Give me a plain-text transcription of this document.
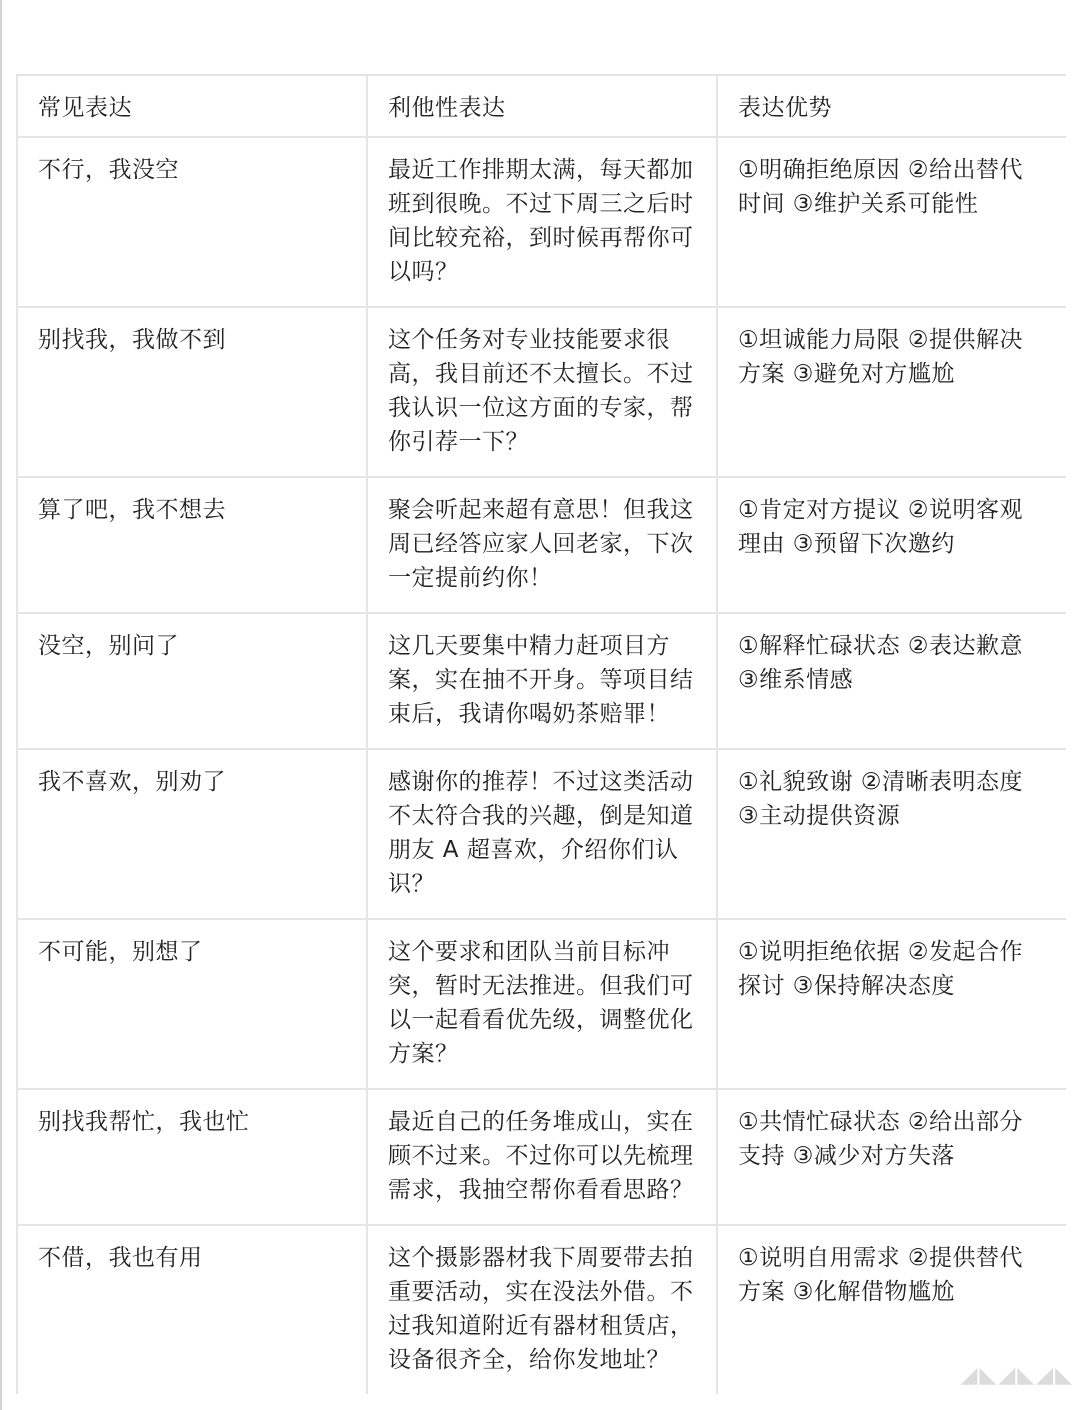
常见表达	利他性表达	表达优势
不行，我没空	最近工作排期太满，每天都加班到很晚。不过下周三之后时间比较充裕，到时候再帮你可以吗？	①明确拒绝原因 ②给出替代时间 ③维护关系可能性
别找我，我做不到	这个任务对专业技能要求很高，我目前还不太擅长。不过我认识一位这方面的专家，帮你引荐一下？	①坦诚能力局限 ②提供解决方案 ③避免对方尴尬
算了吧，我不想去	聚会听起来超有意思！但我这周已经答应家人回老家，下次一定提前约你！	①肯定对方提议 ②说明客观理由 ③预留下次邀约
没空，别问了	这几天要集中精力赶项目方案，实在抽不开身。等项目结束后，我请你喝奶茶赔罪！	①解释忙碌状态 ②表达歉意 ③维系情感
我不喜欢，别劝了	感谢你的推荐！不过这类活动不太符合我的兴趣，倒是知道朋友 A 超喜欢，介绍你们认识？	①礼貌致谢 ②清晰表明态度 ③主动提供资源
不可能，别想了	这个要求和团队当前目标冲突，暂时无法推进。但我们可以一起看看优先级，调整优化方案？	①说明拒绝依据 ②发起合作探讨 ③保持解决态度
别找我帮忙，我也忙	最近自己的任务堆成山，实在顾不过来。不过你可以先梳理需求，我抽空帮你看看思路？	①共情忙碌状态 ②给出部分支持 ③减少对方失落
不借，我也有用	这个摄影器材我下周要带去拍重要活动，实在没法外借。不过我知道附近有器材租赁店，设备很齐全，给你发地址？	①说明自用需求 ②提供替代方案 ③化解借物尴尬

◢◣◢◣◢◣
